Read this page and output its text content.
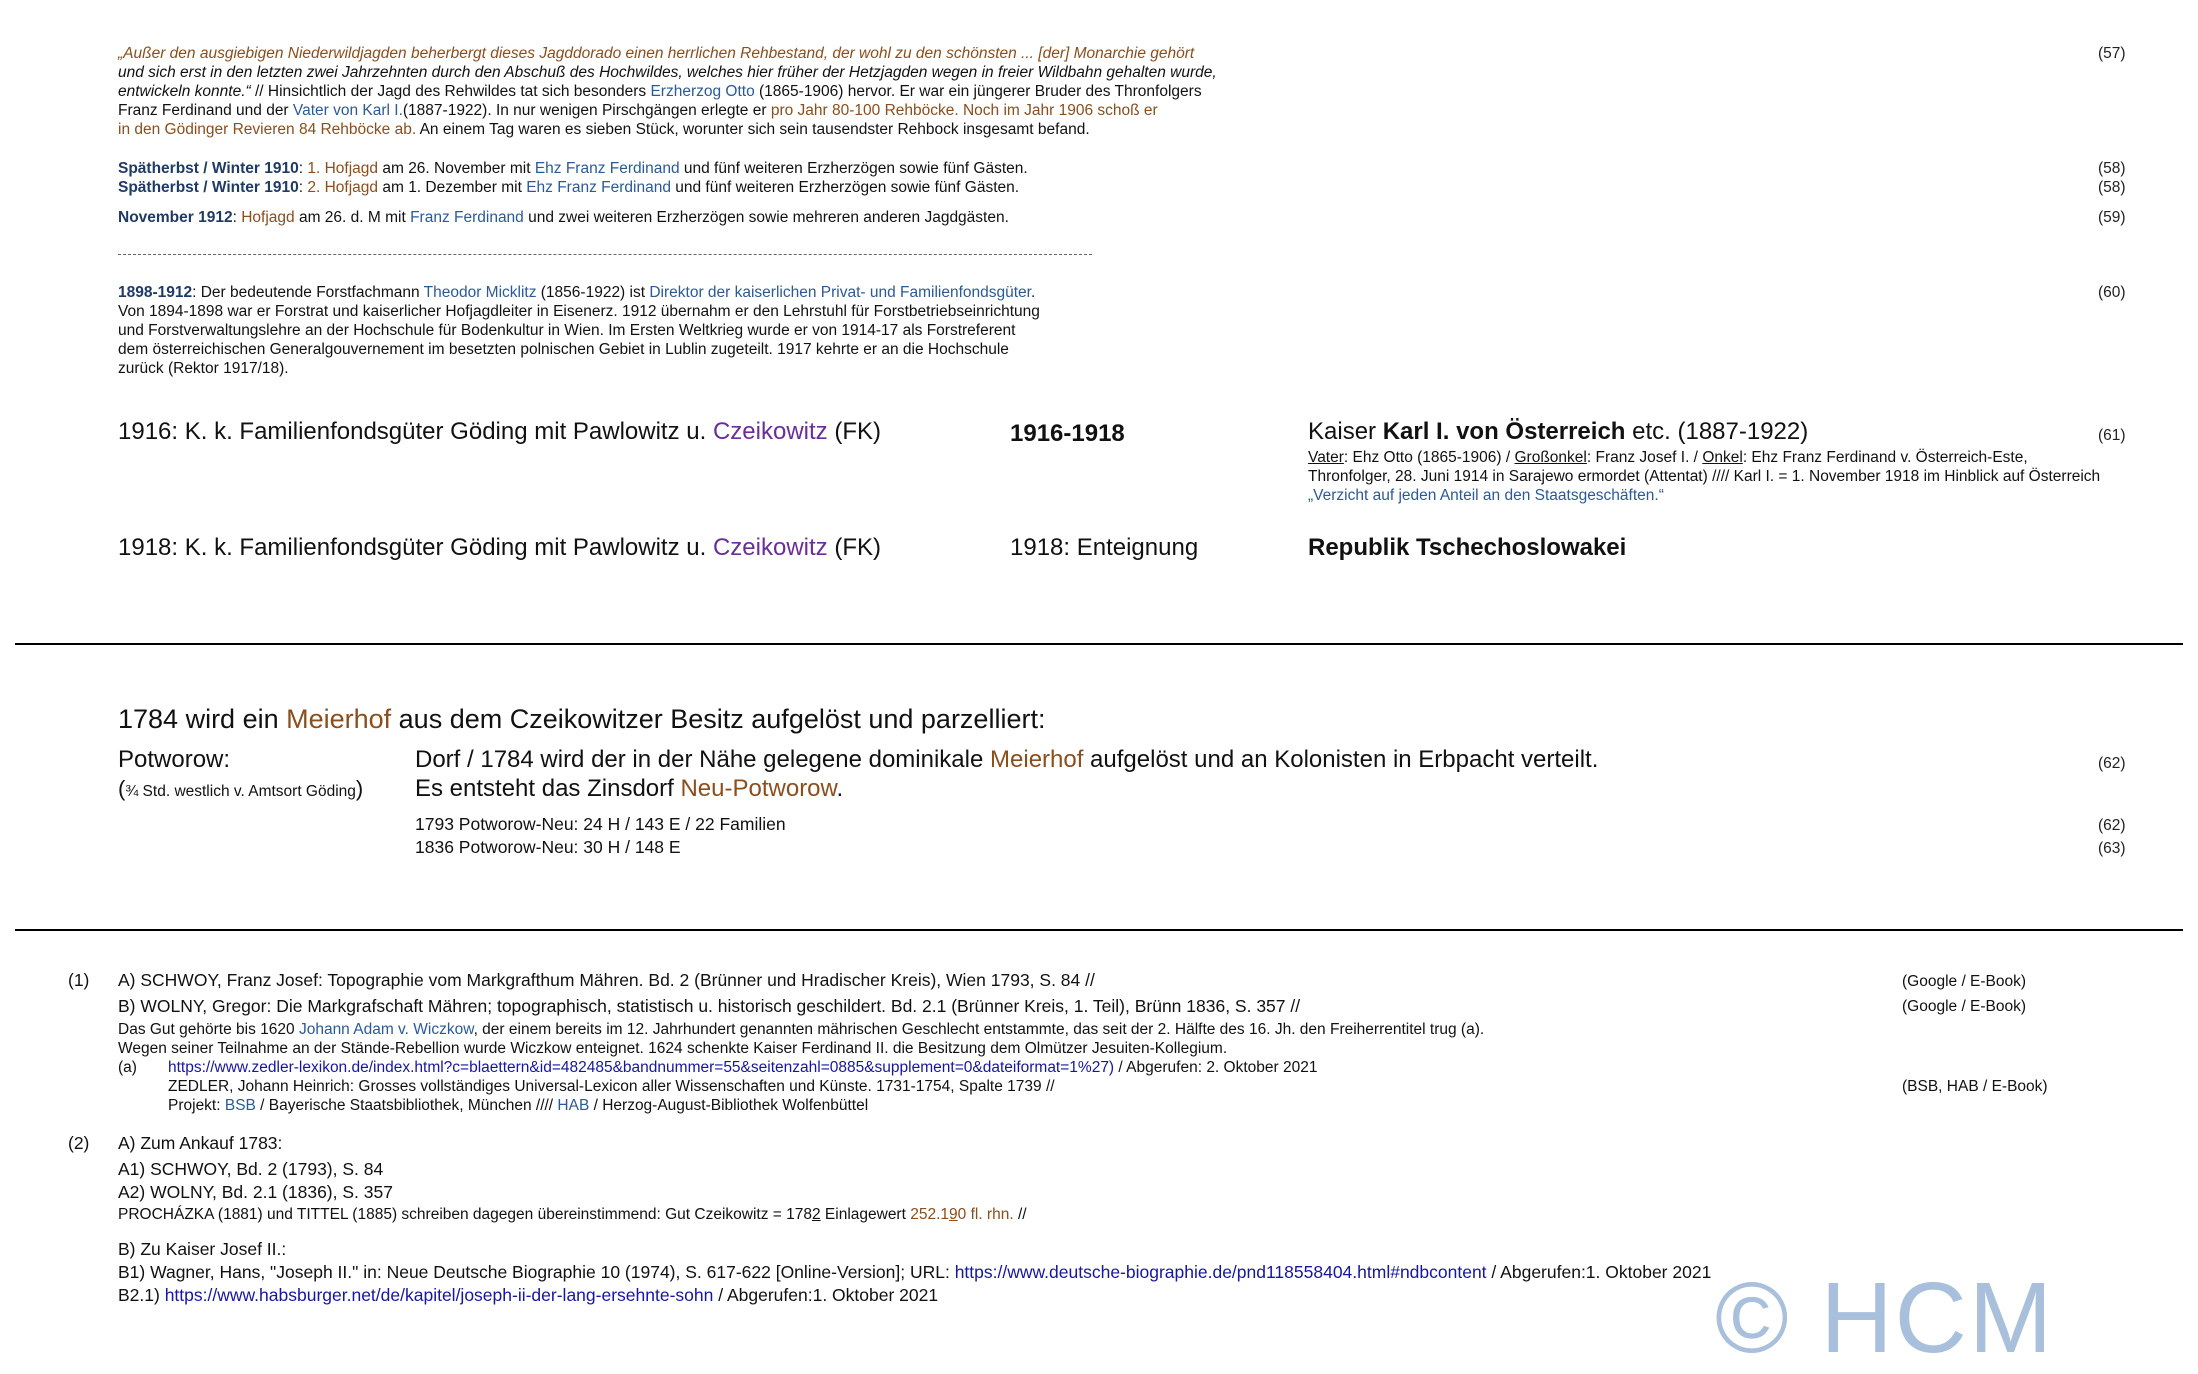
„Außer den ausgiebigen Niederwildjagden beherbergt dieses Jagddorado einen herrlichen Rehbestand, der wohl zu den schönsten ... [der] Monarchie gehört
und sich erst in den letzten zwei Jahrzehnten durch den Abschuß des Hochwildes, welches hier früher der Hetzjagden wegen in freier Wildbahn gehalten wurde,
entwickeln konnte.“ // Hinsichtlich der Jagd des Rehwildes tat sich besonders Erzherzog Otto (1865-1906) hervor. Er war ein jüngerer Bruder des Thronfolgers
Franz Ferdinand und der Vater von Karl I.(1887-1922). In nur wenigen Pirschgängen erlegte er pro Jahr 80-100 Rehböcke. Noch im Jahr 1906 schoß er
in den Gödinger Revieren 84 Rehböcke ab. An einem Tag waren es sieben Stück, worunter sich sein tausendster Rehbock insgesamt befand.
(57)
Spätherbst / Winter 1910: 1. Hofjagd am 26. November mit Ehz Franz Ferdinand und fünf weiteren Erzherzögen sowie fünf Gästen.	(58)
Spätherbst / Winter 1910: 2. Hofjagd am 1. Dezember mit Ehz Franz Ferdinand und fünf weiteren Erzherzögen sowie fünf Gästen.	(58)
November 1912: Hofjagd am 26. d. M mit Franz Ferdinand und zwei weiteren Erzherzögen sowie mehreren anderen Jagdgästen.	(59)
1898-1912: Der bedeutende Forstfachmann Theodor Micklitz (1856-1922) ist Direktor der kaiserlichen Privat- und Familienfondsgüter.
Von 1894-1898 war er Forstrat und kaiserlicher Hofjagdleiter in Eisenerz. 1912 übernahm er den Lehrstuhl für Forstbetriebseinrichtung
und Forstverwaltungslehre an der Hochschule für Bodenkultur in Wien. Im Ersten Weltkrieg wurde er von 1914-17 als Forstreferent
dem österreichischen Generalgouvernement im besetzten polnischen Gebiet in Lublin zugeteilt. 1917 kehrte er an die Hochschule
zurück (Rektor 1917/18).
(60)
1916: K. k. Familienfondsgüter Göding mit Pawlowitz u. Czeikowitz (FK)	1916-1918	Kaiser Karl I. von Österreich etc. (1887-1922)	(61)
Vater: Ehz Otto (1865-1906) / Großonkel: Franz Josef I. / Onkel: Ehz Franz Ferdinand v. Österreich-Este,
Thronfolger, 28. Juni 1914 in Sarajewo ermordet (Attentat) //// Karl I. = 1. November 1918 im Hinblick auf Österreich
„Verzicht auf jeden Anteil an den Staatsgeschäften.“
1918: K. k. Familienfondsgüter Göding mit Pawlowitz u. Czeikowitz (FK)	1918: Enteignung	Republik Tschechoslowakei
1784 wird ein Meierhof aus dem Czeikowitzer Besitz aufgelöst und parzelliert:
Potworow:
(¾ Std. westlich v. Amtsort Göding)
Dorf / 1784 wird der in der Nähe gelegene dominikale Meierhof aufgelöst und an Kolonisten in Erbpacht verteilt.
Es entsteht das Zinsdorf Neu-Potworow.
(62)
1793 Potworow-Neu: 24 H / 143 E / 22 Familien	(62)
1836 Potworow-Neu: 30 H / 148 E	(63)
(1) A) SCHWOY, Franz Josef: Topographie vom Markgrafthum Mähren. Bd. 2 (Brünner und Hradischer Kreis), Wien 1793, S. 84 //	(Google / E-Book)
B) WOLNY, Gregor: Die Markgrafschaft Mähren; topographisch, statistisch u. historisch geschildert. Bd. 2.1 (Brünner Kreis, 1. Teil), Brünn 1836, S. 357 //	(Google / E-Book)
Das Gut gehörte bis 1620 Johann Adam v. Wiczkow, der einem bereits im 12. Jahrhundert genannten mährischen Geschlecht entstammte, das seit der 2. Hälfte des 16. Jh. den Freiherrentitel trug (a).
Wegen seiner Teilnahme an der Stände-Rebellion wurde Wiczkow enteignet. 1624 schenkte Kaiser Ferdinand II. die Besitzung dem Olmützer Jesuiten-Kollegium.
(a) https://www.zedler-lexikon.de/index.html?c=blaettern&id=482485&bandnummer=55&seitenzahl=0885&supplement=0&dateiformat=1%27) / Abgerufen: 2. Oktober 2021
ZEDLER, Johann Heinrich: Grosses vollständiges Universal-Lexicon aller Wissenschaften und Künste. 1731-1754, Spalte 1739 //	(BSB, HAB / E-Book)
Projekt: BSB / Bayerische Staatsbibliothek, München //// HAB / Herzog-August-Bibliothek Wolfenbüttel
(2) A) Zum Ankauf 1783:
A1) SCHWOY, Bd. 2 (1793), S. 84
A2) WOLNY, Bd. 2.1 (1836), S. 357
PROCHÁZKA (1881) und TITTEL (1885) schreiben dagegen übereinstimmend: Gut Czeikowitz = 1782 Einlagewert 252.190 fl. rhn. //
B) Zu Kaiser Josef II.:
B1) Wagner, Hans, "Joseph II." in: Neue Deutsche Biographie 10 (1974), S. 617-622 [Online-Version]; URL: https://www.deutsche-biographie.de/pnd118558404.html#ndbcontent / Abgerufen:1. Oktober 2021
B2.1) https://www.habsburger.net/de/kapitel/joseph-ii-der-lang-ersehnte-sohn / Abgerufen:1. Oktober 2021	© HCM
